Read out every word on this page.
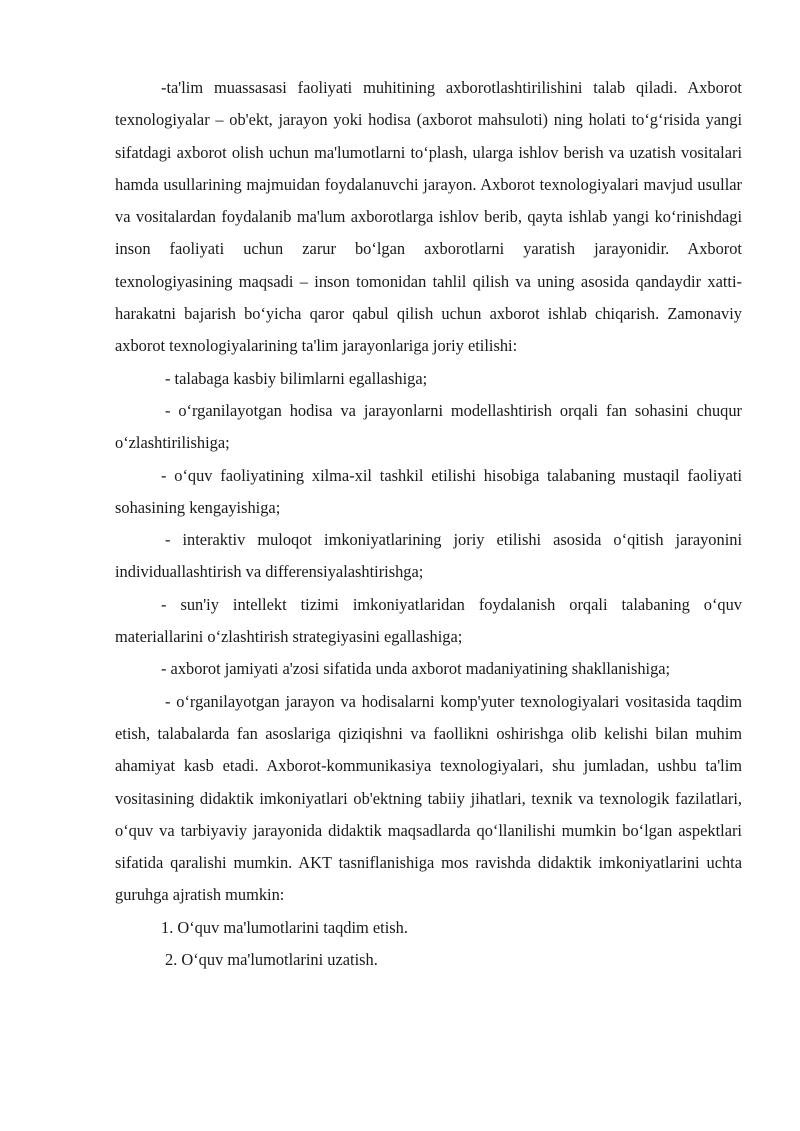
-ta'lim muassasasi faoliyati muhitining axborotlashtirilishini talab qiladi. Axborot texnologiyalar – ob'ekt, jarayon yoki hodisa (axborot mahsuloti) ning holati to‘g‘risida yangi sifatdagi axborot olish uchun ma'lumotlarni to‘plash, ularga ishlov berish va uzatish vositalari hamda usullarining majmuidan foydalanuvchi jarayon. Axborot texnologiyalari mavjud usullar va vositalardan foydalanib ma'lum axborotlarga ishlov berib, qayta ishlab yangi ko‘rinishdagi inson faoliyati uchun zarur bo‘lgan axborotlarni yaratish jarayonidir. Axborot texnologiyasining maqsadi – inson tomonidan tahlil qilish va uning asosida qandaydir xatti-harakatni bajarish bo‘yicha qaror qabul qilish uchun axborot ishlab chiqarish. Zamonaviy axborot texnologiyalarining ta'lim jarayonlariga joriy etilishi:

- talabaga kasbiy bilimlarni egallashiga;

- o‘rganilayotgan hodisa va jarayonlarni modellashtirish orqali fan sohasini chuqur o‘zlashtirilishiga;

- o‘quv faoliyatining xilma-xil tashkil etilishi hisobiga talabaning mustaqil faoliyati sohasining kengayishiga;

- interaktiv muloqot imkoniyatlarining joriy etilishi asosida o‘qitish jarayonini individuallashtirish va differensiyalashtirishga;

- sun'iy intellekt tizimi imkoniyatlaridan foydalanish orqali talabaning o‘quv materiallarini o‘zlashtirish strategiyasini egallashiga;

- axborot jamiyati a'zosi sifatida unda axborot madaniyatining shakllanishiga;

- o‘rganilayotgan jarayon va hodisalarni komp'yuter texnologiyalari vositasida taqdim etish, talabalarda fan asoslariga qiziqishni va faollikni oshirishga olib kelishi bilan muhim ahamiyat kasb etadi. Axborot-kommunikasiya texnologiyalari, shu jumladan, ushbu ta'lim vositasining didaktik imkoniyatlari ob'ektning tabiiy jihatlari, texnik va texnologik fazilatlari, o‘quv va tarbiyaviy jarayonida didaktik maqsadlarda qo‘llanilishi mumkin bo‘lgan aspektlari sifatida qaralishi mumkin. AKT tasniflanishiga mos ravishda didaktik imkoniyatlarini uchta guruhga ajratish mumkin:

1. O‘quv ma'lumotlarini taqdim etish.

2. O‘quv ma'lumotlarini uzatish.
